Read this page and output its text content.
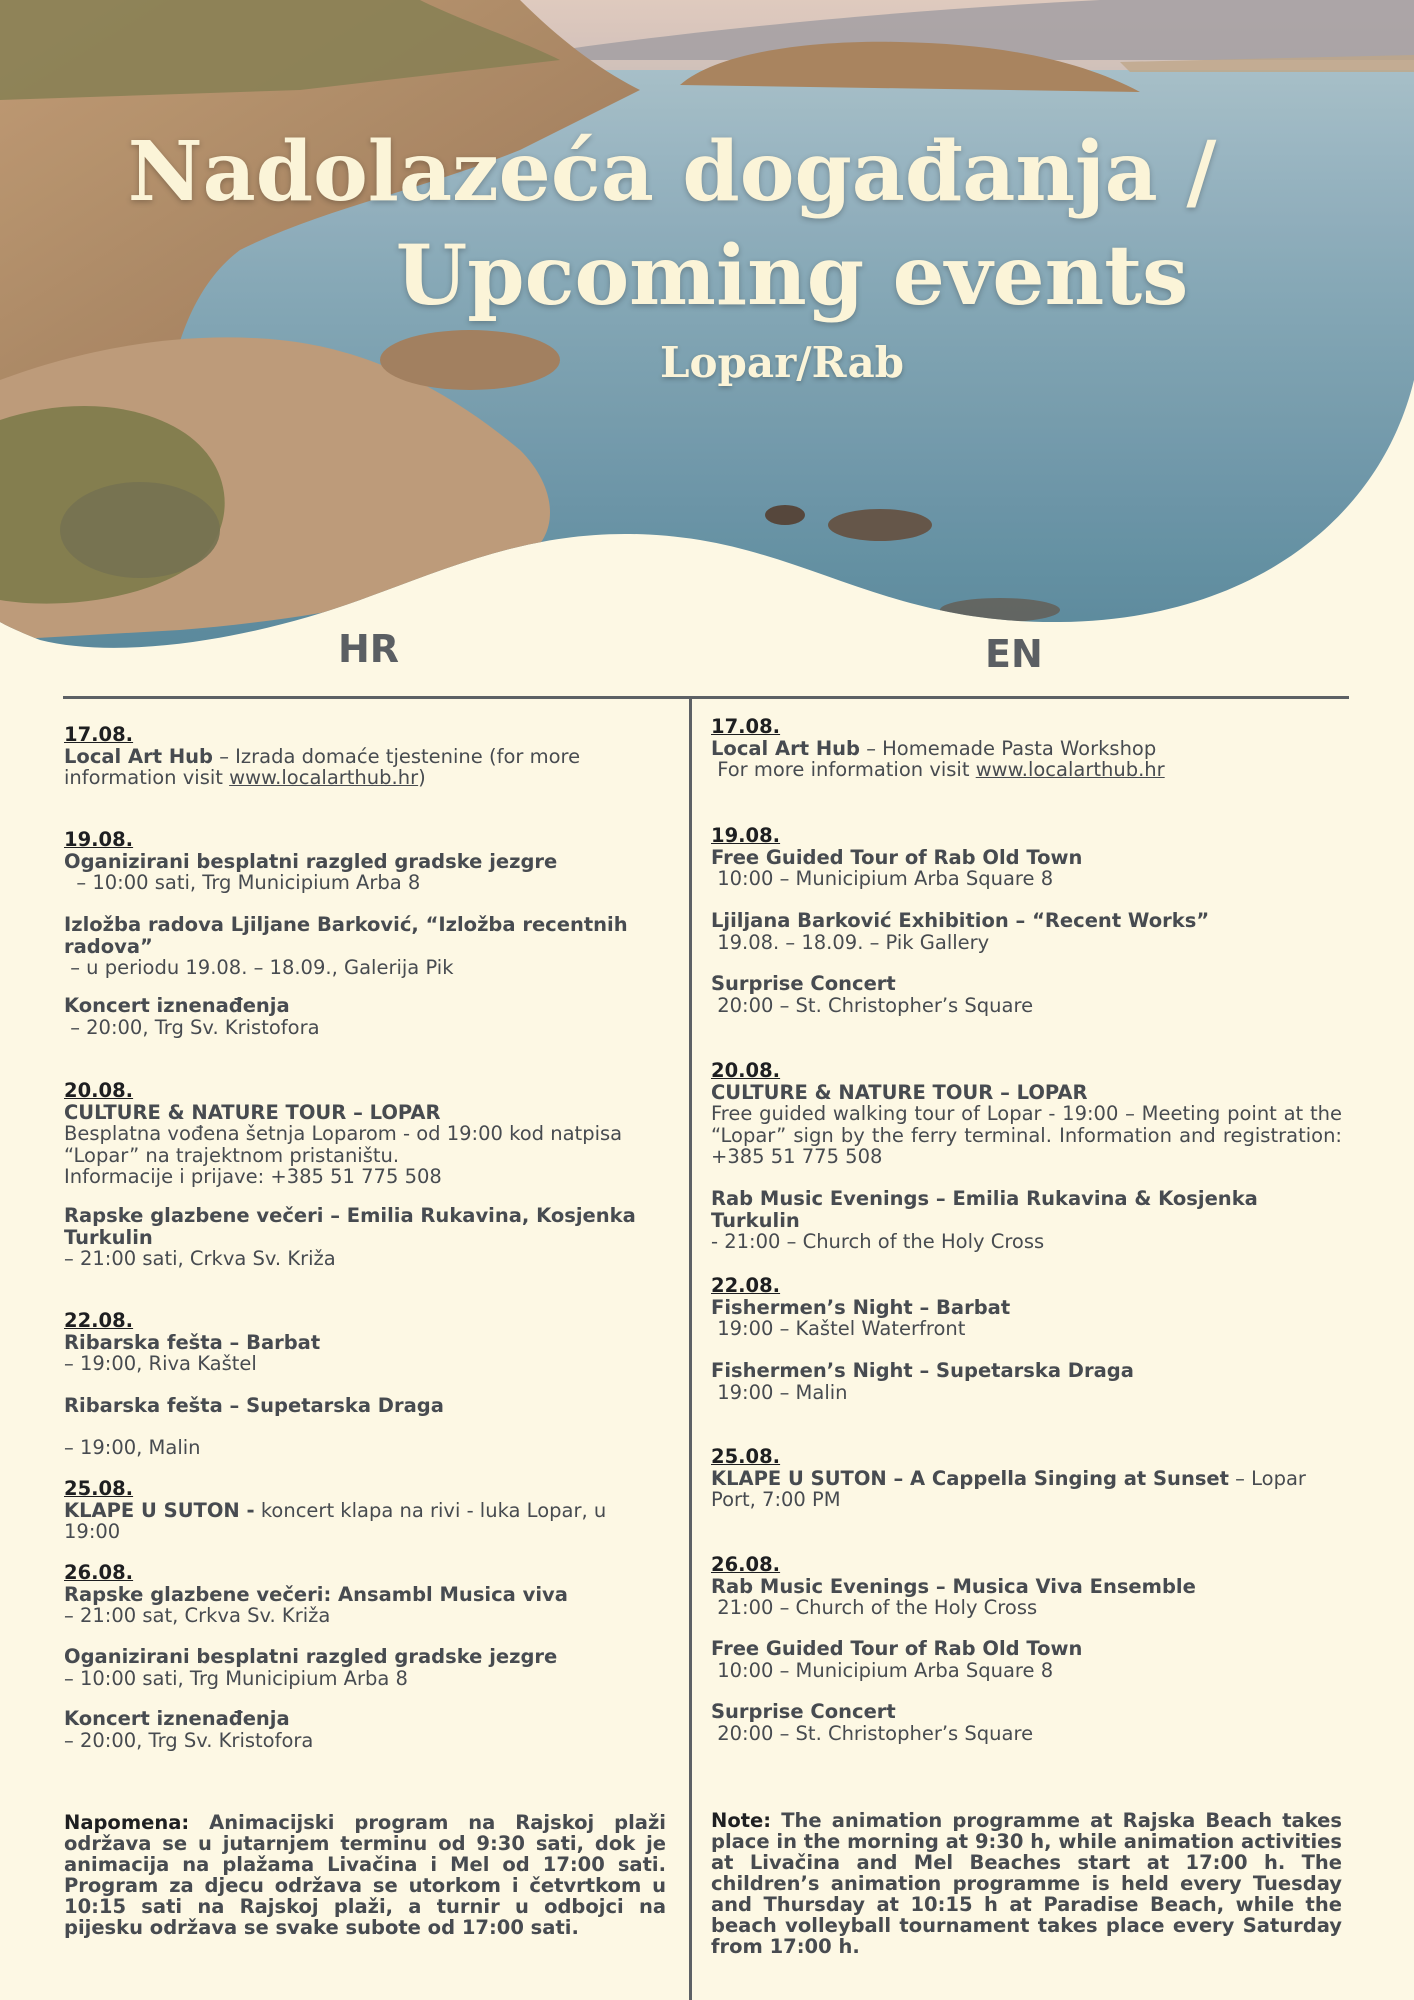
Nadolazeća događanja /
Upcoming events
Lopar/Rab
HR	EN
17.08.
Local Art Hub – Izrada domaće tjestenine (for more information visit www.localarthub.hr)
19.08.
Oganizirani besplatni razgled gradske jezgre
– 10:00 sati, Trg Municipium Arba 8
Izložba radova Ljiljane Barković, “Izložba recentnih radova”
– u periodu 19.08. – 18.09., Galerija Pik
Koncert iznenađenja
– 20:00, Trg Sv. Kristofora
20.08.
CULTURE & NATURE TOUR – LOPAR
Besplatna vođena šetnja Loparom - od 19:00 kod natpisa “Lopar” na trajektnom pristaništu.
Informacije i prijave: +385 51 775 508
Rapske glazbene večeri – Emilia Rukavina, Kosjenka Turkulin
– 21:00 sati, Crkva Sv. Križa
22.08.
Ribarska fešta – Barbat
– 19:00, Riva Kaštel
Ribarska fešta – Supetarska Draga
– 19:00, Malin
25.08.
KLAPE U SUTON - koncert klapa na rivi - luka Lopar, u 19:00
26.08.
Rapske glazbene večeri: Ansambl Musica viva
– 21:00 sat, Crkva Sv. Križa
Oganizirani besplatni razgled gradske jezgre
– 10:00 sati, Trg Municipium Arba 8
Koncert iznenađenja
– 20:00, Trg Sv. Kristofora
Napomena: Animacijski program na Rajskoj plaži održava se u jutarnjem terminu od 9:30 sati, dok je animacija na plažama Livačina i Mel od 17:00 sati. Program za djecu održava se utorkom i četvrtkom u 10:15 sati na Rajskoj plaži, a turnir u odbojci na pijesku održava se svake subote od 17:00 sati.
17.08.
Local Art Hub – Homemade Pasta Workshop
For more information visit www.localarthub.hr
19.08.
Free Guided Tour of Rab Old Town
10:00 – Municipium Arba Square 8
Ljiljana Barković Exhibition – “Recent Works”
19.08. – 18.09. – Pik Gallery
Surprise Concert
20:00 – St. Christopher’s Square
20.08.
CULTURE & NATURE TOUR – LOPAR
Free guided walking tour of Lopar - 19:00 – Meeting point at the “Lopar” sign by the ferry terminal. Information and registration: +385 51 775 508
Rab Music Evenings – Emilia Rukavina & Kosjenka Turkulin
- 21:00 – Church of the Holy Cross
22.08.
Fishermen’s Night – Barbat
19:00 – Kaštel Waterfront
Fishermen’s Night – Supetarska Draga
19:00 – Malin
25.08.
KLAPE U SUTON – A Cappella Singing at Sunset – Lopar Port, 7:00 PM
26.08.
Rab Music Evenings – Musica Viva Ensemble
21:00 – Church of the Holy Cross
Free Guided Tour of Rab Old Town
10:00 – Municipium Arba Square 8
Surprise Concert
20:00 – St. Christopher’s Square
Note: The animation programme at Rajska Beach takes place in the morning at 9:30 h, while animation activities at Livačina and Mel Beaches start at 17:00 h. The children’s animation programme is held every Tuesday and Thursday at 10:15 h at Paradise Beach, while the beach volleyball tournament takes place every Saturday from 17:00 h.
